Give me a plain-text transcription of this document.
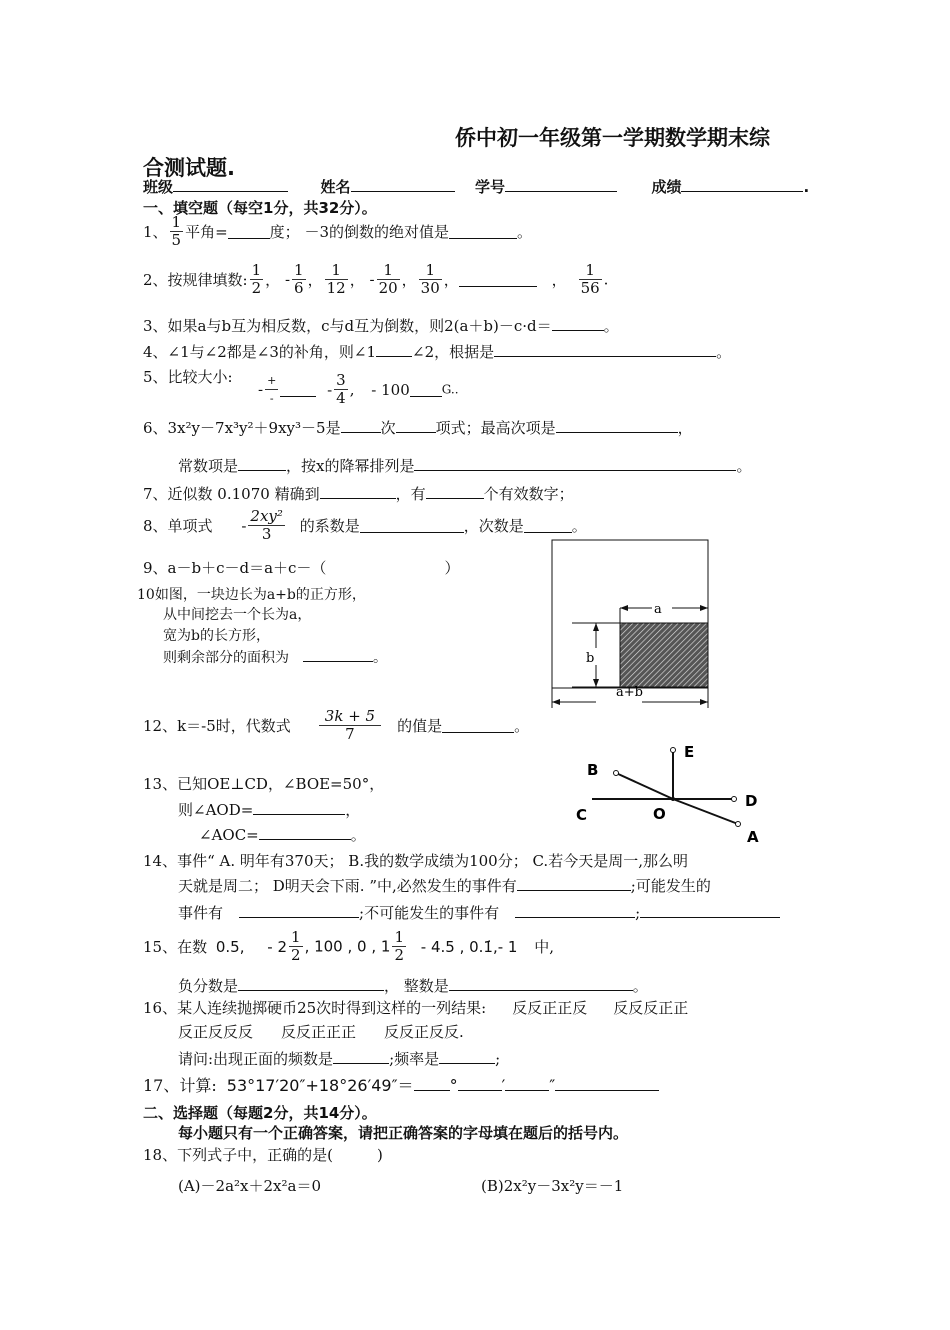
侨中初一年级第一学期数学期末综
合测试题.
班级	姓名	学号	成绩	.
一、填空题（每空1分，共32分）。
1、 $\frac{1}{5}$ 平角=	度； －3的倒数的绝对值是	。
2、按规律填数: $\frac{1}{2}$ ， - $\frac{1}{6}$ ， $\frac{1}{12}$ ， - $\frac{1}{20}$ ， $\frac{1}{30}$ ，	， $\frac{1}{56}$ .
3、如果a与b互为相反数，c与d互为倒数，则2(a＋b)－c·d＝	。
4、∠1与∠2都是∠3的补角，则∠1 ∠2，根据是	。
5、比较大小:
- $\frac{+}{-}$	- $\frac{3}{4}$ , - 100	G..
6、3x²y－7x³y²＋9xy³－5是	次	项式；最高次项是	，
常数项是	，按x的降幂排列是	。
7、近似数 0.1070 精确到	，有	个有效数字；
8、单项式 - $\frac{\text{2xy²}}{3}$ 的系数是	，次数是	。
9、a－b＋c－d＝a＋c－（	）
10如图，一块边长为a+b的正方形，
从中间挖去一个长为a，
宽为b的长方形，
则剩余部分的面积为	。
a
b
a+b
12、k＝-5时，代数式 $\frac{3k + 5}{7}$ 的值是	。
13、已知OE⊥CD，∠BOE=50°，
则∠AOD=	，
∠AOC=	。
B
E
C	O
D
A
14、事件“ A. 明年有370天； B.我的数学成绩为100分； C.若今天是周一,那么明
天就是周二； D明天会下雨. ”中,必然发生的事件有	;可能发生的
事件有	;不可能发生的事件有	;
15、在数 0.5, - $2 \frac{1}{2}$ , 100 , 0 , $1 \frac{1}{2} - 4.5$ , 0.1̇,- 1 中,
负分数是	， 整数是	。
16、某人连续抛掷硬币25次时得到这样的一列结果: 反反正正反 反反反正正
反正反反反 反反正正正 反反正反反.
请问:出现正面的频数是	;频率是	;
17、计算: 53°17′20″+18°26′49″＝ °	′	″
二、选择题（每题2分，共14分）。
每小题只有一个正确答案，请把正确答案的字母填在题后的括号内。
18、下列式子中，正确的是(	)
(A)－2a²x＋2x²a＝0	(B)2x²y－3x²y＝－1
